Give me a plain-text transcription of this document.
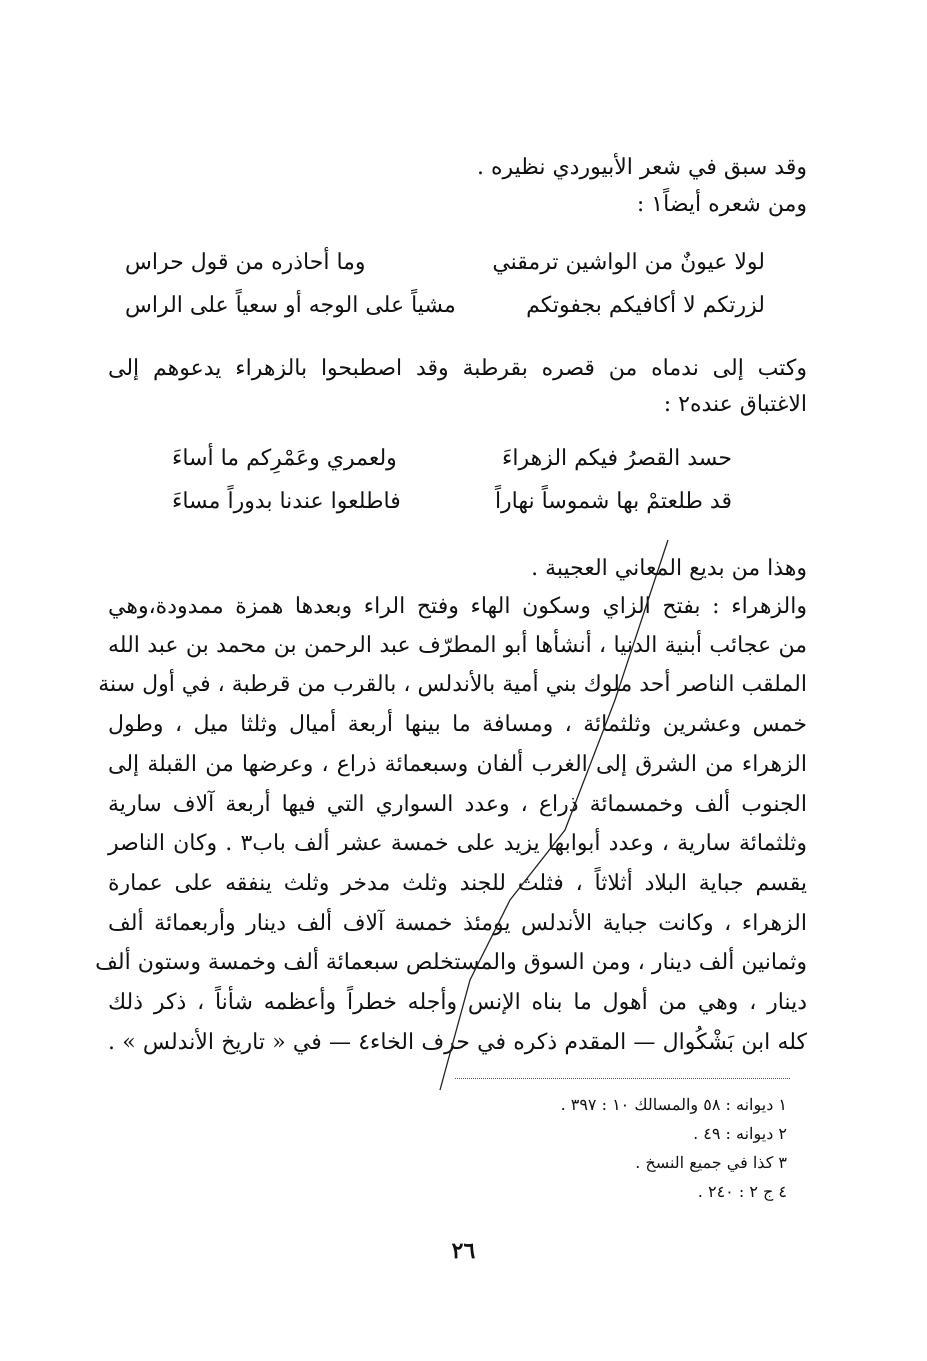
وقد سبق في شعر الأبيوردي نظيره .
ومن شعره أيضاً١ :
لولا عيونٌ من الواشين ترمقني
وما أحاذره من قول حراس
لزرتكم لا أكافيكم بجفوتكم
مشياً على الوجه أو سعياً على الراس
وكتب إلى ندماه من قصره بقرطبة وقد اصطبحوا بالزهراء يدعوهم إلى
الاغتباق عنده٢ :
حسد القصرُ فيكم الزهراءَ
ولعمري وعَمْرِكم ما أساءَ
قد طلعتمْ بها شموساً نهاراً
فاطلعوا عندنا بدوراً مساءَ
وهذا من بديع المعاني العجيبة .
والزهراء : بفتح الزاي وسكون الهاء وفتح الراء وبعدها همزة ممدودة،وهي
من عجائب أبنية الدنيا ، أنشأها أبو المطرّف عبد الرحمن بن محمد بن عبد الله
الملقب الناصر أحد ملوك بني أمية بالأندلس ، بالقرب من قرطبة ، في أول سنة
خمس وعشرين وثلثمائة ، ومسافة ما بينها أربعة أميال وثلثا ميل ، وطول
الزهراء من الشرق إلى الغرب ألفان وسبعمائة ذراع ، وعرضها من القبلة إلى
الجنوب ألف وخمسمائة ذراع ، وعدد السواري التي فيها أربعة آلاف سارية
وثلثمائة سارية ، وعدد أبوابها يزيد على خمسة عشر ألف باب٣ . وكان الناصر
يقسم جباية البلاد أثلاثاً ، فثلث للجند وثلث مدخر وثلث ينفقه على عمارة
الزهراء ، وكانت جباية الأندلس يومئذ خمسة آلاف ألف دينار وأربعمائة ألف
وثمانين ألف دينار ، ومن السوق والمستخلص سبعمائة ألف وخمسة وستون ألف
دينار ، وهي من أهول ما بناه الإنس وأجله خطراً وأعظمه شأناً ، ذكر ذلك
كله ابن بَشْكُوال — المقدم ذكره في حرف الخاء٤ — في « تاريخ الأندلس » .
١ ديوانه : ٥٨ والمسالك ١٠ : ٣٩٧ .
٢ ديوانه : ٤٩ .
٣ كذا في جميع النسخ .
٤ ج ٢ : ٢٤٠ .
٢٦
